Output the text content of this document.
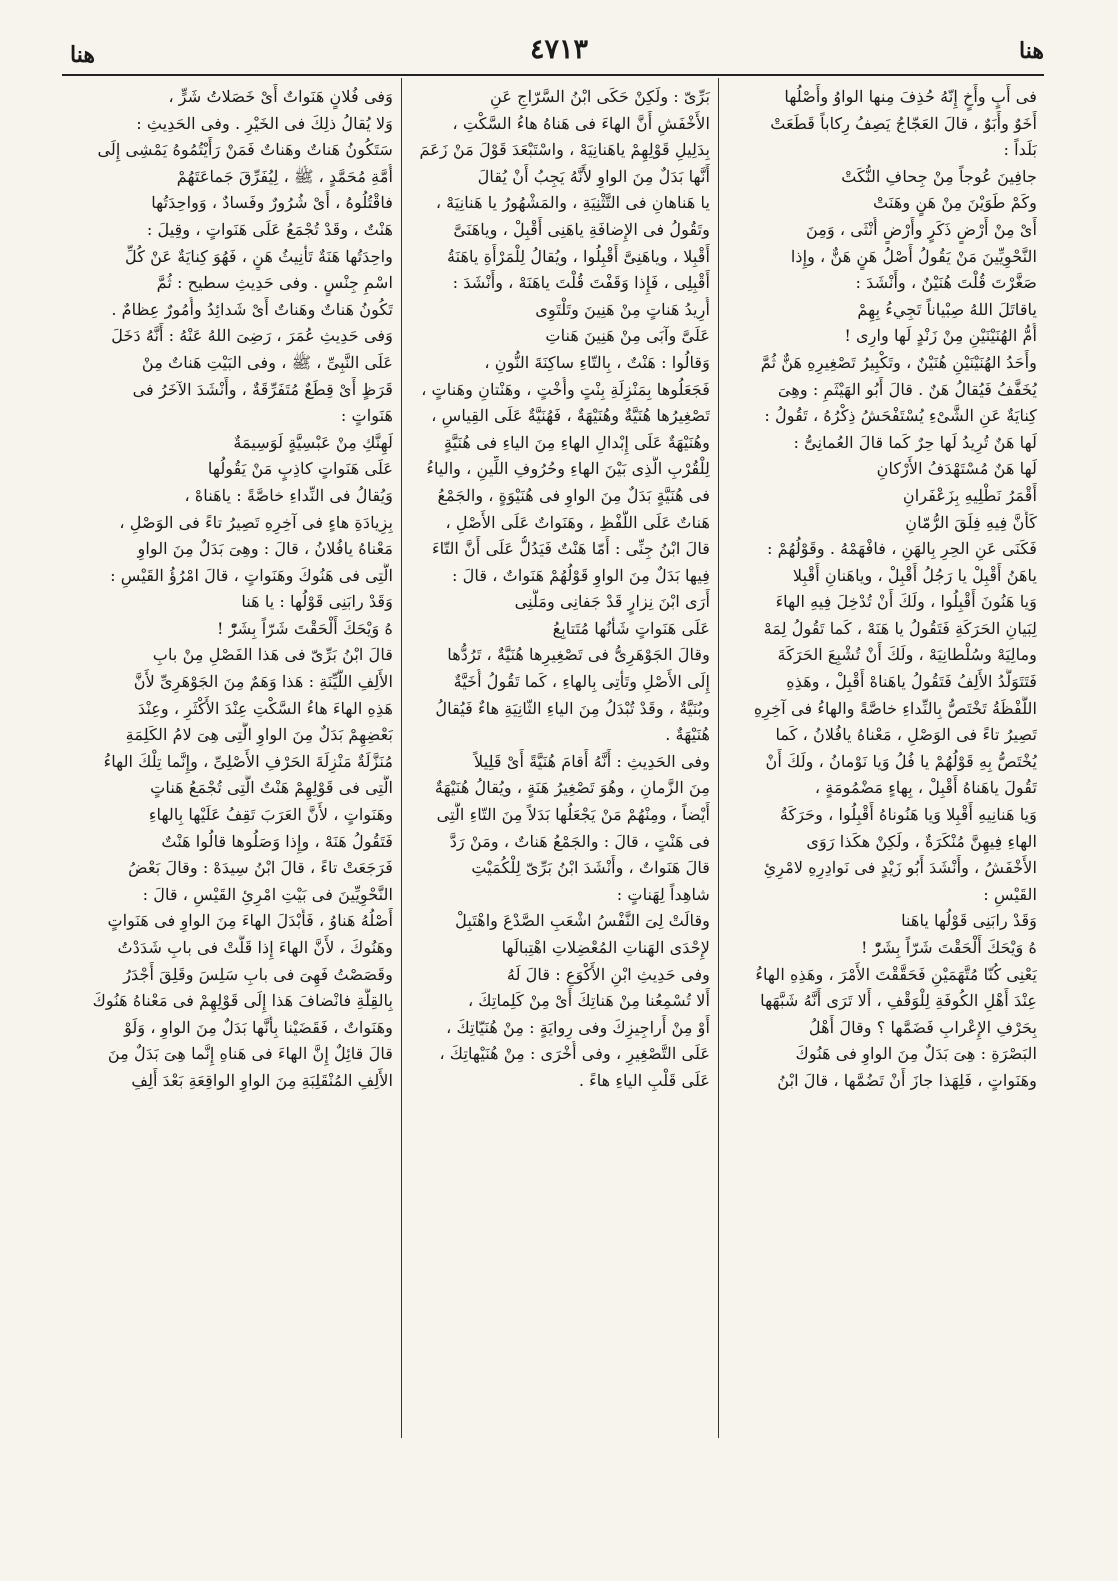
هنا
٤٧١٣
هنا
فى أَبٍ وأَخٍ إِنّهُ حُذِفَ مِنها الواوُ وأَصْلُها
أَخَوٌ وأَبَوٌ ، قالَ العَجّاجُ يَصِفُ رِكاباً قَطَعَتْ
بَلَداً :
جافِينَ عُوجاً مِنْ جِحافِ النُّكَتْ
وكَمْ طَوَيْنَ مِنْ هَنٍ وهَنَتْ
أَىْ مِنْ أَرْضٍ ذَكَرٍ وأَرْضٍ أُنْثَى ، وَمِنَ
النَّحْوِيِّينَ مَنْ يَقُولُ أَصْلُ هَنٍ هَنٌّ ، وإِذا
صَغَّرْتَ قُلْتَ هُنَيْنٌ ، وأَنْشَدَ :
ياقاتَلَ اللهُ صِبْياناً تَجِيءُ بِهِمْ
أُمُّ الهُنَيْنَيْنِ مِنْ زَنْدٍ لَها وارِى !
وأَحَدُ الهُنَيْنَيْنِ هُنَيْنٌ ، وتَكْبِيرُ تَصْغِيرِهِ هَنٌّ ثُمَّ
يُخَفَّفُ فَيُقالُ هَنٌ . قالَ أَبُو الهَيْثَمِ : وهِىَ
كِنايَةٌ عَنِ الشَّىْءِ يُسْتَفْحَشُ ذِكْرُهُ ، تَقُولُ :
لَها هَنٌ تُرِيدُ لَها حِرٌ كَما قالَ العُمانِىُّ :
لَها هَنٌ مُسْتَهْدَفُ الأَرْكانِ
أَقْمَرُ نَطْلِيهِ بِزَعْفَرانِ
كَأَنَّ فِيهِ فِلَقَ الرُّمّانِ
فَكَنَى عَنِ الحِرِ بِالهَنِ ، فافْهَمْهُ . وقَوْلُهُمْ :
ياهَنُ أَقْبِلْ يا رَجُلُ أَقْبِلْ ، وياهَنانِ أَقْبِلا
وَيا هَنُونَ أَقْبِلُوا ، ولَكَ أَنْ تُدْخِلَ فِيهِ الهاءَ
لِبَيانِ الحَرَكَةِ فَتَقُولُ يا هَنَهْ ، كَما تَقُولُ لِمَهْ
ومالِيَهْ وسُلْطانِيَهْ ، ولَكَ أَنْ تُشْبِعَ الحَرَكَةَ
فَتَتَوَلَّدُ الأَلِفُ فَتَقُولُ ياهَناهْ أَقْبِلْ ، وهَذِهِ
اللَّفْظَةُ تَخْتَصُّ بِالنِّداءِ خاصَّةً والهاءُ فى آخِرِهِ
تَصِيرُ تاءً فى الوَصْلِ ، مَعْناهُ يافُلانُ ، كَما
يُخْتَصُّ بِهِ قَوْلُهُمْ يا فُلُ وَيا نَوْمانُ ، ولَكَ أَنْ
تَقُولَ ياهَناهُ أَقْبِلْ ، بِهاءٍ مَضْمُومَةٍ ،
وَيا هَنانِيهِ أَقْبِلا وَيا هَنُوناهُ أَقْبِلُوا ، وحَرَكَةُ
الهاءِ فِيهِنَّ مُنْكَرَةٌ ، ولَكِنْ هكَذا رَوَى
الأَخْفَشُ ، وأَنْشَدَ أَبُو زَيْدٍ فى نَوادِرِهِ لامْرِئِ
القَيْسِ :
وَقَدْ رابَنِى قَوْلُها ياهَنا
هُ وَيْحَكَ أَلْحَقْتَ شَرّاً بِشَرّْ !
يَعْنِى كُنّا مُتَّهَمَيْنِ فَحَقَّقْتَ الأَمْرَ ، وهَذِهِ الهاءُ
عِنْدَ أَهْلِ الكُوفَةِ لِلْوَقْفِ ، أَلا تَرَى أَنَّهُ شَبَّهَها
بِحَرْفِ الإِعْرابِ فَضَمَّها ؟ وقالَ أَهْلُ
البَصْرَةِ : هِىَ بَدَلٌ مِنَ الواوِ فى هَنُوكَ
وهَنَواتٍ ، فَلِهَذا جازَ أَنْ تَضُمَّها ، قالَ ابْنُ
بَرِّىّ : ولَكِنْ حَكَى ابْنُ السَّرّاجِ عَنِ
الأَخْفَشِ أَنَّ الهاءَ فى هَناهُ هاءُ السَّكْتِ ،
بِدَلِيلِ قَوْلِهِمْ ياهَنانِيَهْ ، واسْتَبْعَدَ قَوْلَ مَنْ زَعَمَ
أَنَّها بَدَلٌ مِنَ الواوِ لأَنَّهُ يَجِبُ أَنْ يُقالَ
يا هَناهانِ فى التَّثْنِيَةِ ، والمَشْهُورُ يا هَنانِيَهْ ،
وتَقُولُ فى الإِضافَةِ ياهَنِى أَقْبِلْ ، وياهَنَىَّ
أَقْبِلا ، وياهَنِىَّ أَقْبِلُوا ، ويُقالُ لِلْمَرْأَةِ ياهَنَةُ
أَقْبِلِى ، فَإِذا وَقَفْتَ قُلْتَ ياهَنَهْ ، وأَنْشَدَ :
أُرِيدُ هَناتٍ مِنْ هَنِينَ وتَلْتَوِى
عَلَىَّ وآبَى مِنْ هَنِينَ هَناتِ
وَقالُوا : هَنْتٌ ، بِالتّاءِ ساكِنَةَ النُّونِ ،
فَجَعَلُوها بِمَنْزِلَةِ بِنْتٍ وأُخْتٍ ، وهَنْتانِ وهَناتٍ ،
تَصْغِيرُها هُنَيَّةٌ وهُنَيْهَةٌ ، فَهُنَيَّةٌ عَلَى القِياسِ ،
وهُنَيْهَةٌ عَلَى إِبْدالِ الهاءِ مِنَ الياءِ فى هُنَيَّةٍ
لِلْقُرْبِ الَّذِى بَيْنَ الهاءِ وحُرُوفِ اللِّينِ ، والياءُ
فى هُنَيَّةٍ بَدَلٌ مِنَ الواوِ فى هُنَيْوَةٍ ، والجَمْعُ
هَناتٌ عَلَى اللَّفْظِ ، وهَنَواتٌ عَلَى الأَصْلِ ،
قالَ ابْنُ جِنِّى : أَمّا هَنْتٌ فَيَدُلُّ عَلَى أَنَّ التّاءَ
فِيها بَدَلٌ مِنَ الواوِ قَوْلُهُمْ هَنَواتٌ ، قالَ :
أَرَى ابْنَ نِزارٍ قَدْ جَفانِى ومَلَّنِى
عَلَى هَنَواتٍ شَأْنُها مُتَتابِعُ
وقالَ الجَوْهَرِىُّ فى تَصْغِيرِها هُنَيَّةٌ ، تَرُدُّها
إِلَى الأَصْلِ وتَأْتِى بِالهاءِ ، كَما تَقُولُ أُخَيَّةٌ
وبُنَيَّةٌ ، وقَدْ تُبْدَلُ مِنَ الياءِ الثّانِيَةِ هاءٌ فَيُقالُ
هُنَيْهَةٌ .
وفى الحَدِيثِ : أَنَّهُ أَقامَ هُنَيَّةً أَىْ قَلِيلاً
مِنَ الزَّمانِ ، وهُوَ تَصْغِيرُ هَنَةٍ ، ويُقالُ هُنَيْهَةٌ
أَيْضاً ، ومِنْهُمْ مَنْ يَجْعَلُها بَدَلاً مِنَ التّاءِ الَّتِى
فى هَنْتٍ ، قالَ : والجَمْعُ هَناتٌ ، ومَنْ رَدَّ
قالَ هَنَواتٌ ، وأَنْشَدَ ابْنُ بَرِّىّ لِلْكُمَيْتِ
شاهِداً لِهَناتٍ :
وقالَتْ لِىَ النَّفْسُ اشْعَبِ الصَّدْعَ واهْتَبِلْ
لإِحْدَى الهَناتِ المُعْضِلاتِ اهْتِبالَها
وفى حَدِيثِ ابْنِ الأَكْوَعِ : قالَ لَهُ
أَلا تُسْمِعُنا مِنْ هَناتِكَ أَىْ مِنْ كَلِماتِكَ ،
أَوْ مِنْ أَراجِيزِكَ وفى رِوايَةٍ : مِنْ هُنَيّاتِكَ ،
عَلَى التَّصْغِيرِ ، وفى أُخْرَى : مِنْ هُنَيْهاتِكَ ،
عَلَى قَلْبِ الياءِ هاءً .
وَفى فُلانٍ هَنَواتٌ أَىْ خَصَلاتُ شَرٍّ ،
وَلا يُقالُ ذلِكَ فى الخَيْرِ . وفى الحَدِيثِ :
سَتَكُونُ هَناتٌ وهَناتٌ فَمَنْ رَأَيْتُمُوهُ يَمْشِى إِلَى
أُمَّةِ مُحَمَّدٍ ، ﷺ ، لِيُفَرِّقَ جَماعَتَهُمْ
فاقْتُلُوهُ ، أَىْ شُرُورٌ وفَسادٌ ، وَواحِدَتُها
هَنْتٌ ، وقَدْ تُجْمَعُ عَلَى هَنَواتٍ ، وقِيلَ :
واحِدَتُها هَنَةٌ تَأْنِيثُ هَنٍ ، فَهُوَ كِنايَةٌ عَنْ كُلِّ
اسْمِ جِنْسٍ . وفى حَدِيثِ سطيح : ثُمَّ
تَكُونُ هَناتٌ وهَناتٌ أَىْ شَدائِدُ وأُمُورٌ عِظامٌ .
وَفى حَدِيثِ عُمَرَ ، رَضِىَ اللهُ عَنْهُ : أَنَّهُ دَخَلَ
عَلَى النَّبِىِّ ، ﷺ ، وفى البَيْتِ هَناتٌ مِنْ
قَرَظٍ أَىْ قِطَعٌ مُتَفَرِّقَةٌ ، وأَنْشَدَ الآخَرُ فى
هَنَواتٍ :
لَهِنَّكِ مِنْ عَبْسِيَّةٍ لَوَسِيمَةٌ
عَلَى هَنَواتٍ كاذِبٍ مَنْ يَقُولُها
وَيُقالُ فى النِّداءِ خاصَّةً : ياهَناهْ ،
بِزِيادَةِ هاءٍ فى آخِرِهِ تَصِيرُ تاءً فى الوَصْلِ ،
مَعْناهُ يافُلانُ ، قالَ : وهِىَ بَدَلٌ مِنَ الواوِ
الَّتِى فى هَنُوكَ وهَنَواتٍ ، قالَ امْرُؤُ القَيْسِ :
وَقَدْ رابَنِى قَوْلُها : يا هَنا
هُ وَيْحَكَ أَلْحَقْتَ شَرّاً بِشَرّْ !
قالَ ابْنُ بَرِّىّ فى هَذا الفَصْلِ مِنْ بابِ
الأَلِفِ اللَّيِّنَةِ : هَذا وَهَمٌ مِنَ الجَوْهَرِىِّ لأَنَّ
هَذِهِ الهاءَ هاءُ السَّكْتِ عِنْدَ الأَكْثَرِ ، وعِنْدَ
بَعْضِهِمْ بَدَلٌ مِنَ الواوِ الَّتِى هِىَ لامُ الكَلِمَةِ
مُنَزَّلَةٌ مَنْزِلَةَ الحَرْفِ الأَصْلِىِّ ، وإِنَّما تِلْكَ الهاءُ
الَّتِى فى قَوْلِهِمْ هَنْتٌ الَّتِى تُجْمَعُ هَناتٍ
وهَنَواتٍ ، لأَنَّ العَرَبَ تَقِفُ عَلَيْها بِالهاءِ
فَتَقُولُ هَنَهْ ، وإِذا وَصَلُوها قالُوا هَنْتٌ
فَرَجَعَتْ تاءً ، قالَ ابْنُ سِيدَهْ : وقالَ بَعْضُ
النَّحْوِيِّينَ فى بَيْتِ امْرِئِ القَيْسِ ، قالَ :
أَصْلُهُ هَناوُ ، فَأَبْدَلَ الهاءَ مِنَ الواوِ فى هَنَواتٍ
وهَنُوكَ ، لأَنَّ الهاءَ إِذا قَلَّتْ فى بابِ شَدَدْتُ
وقَصَصْتُ فَهِىَ فى بابِ سَلِسَ وقَلِقَ أَجْدَرُ
بِالقِلَّةِ فانْضافَ هَذا إِلَى قَوْلِهِمْ فى مَعْناهُ هَنُوكَ
وهَنَواتٌ ، فَقَضَيْنا بِأَنَّها بَدَلٌ مِنَ الواوِ ، وَلَوْ
قالَ قائِلٌ إِنَّ الهاءَ فى هَناهِ إِنَّما هِىَ بَدَلٌ مِنَ
الأَلِفِ المُنْقَلِبَةِ مِنَ الواوِ الواقِعَةِ بَعْدَ أَلِفِ
